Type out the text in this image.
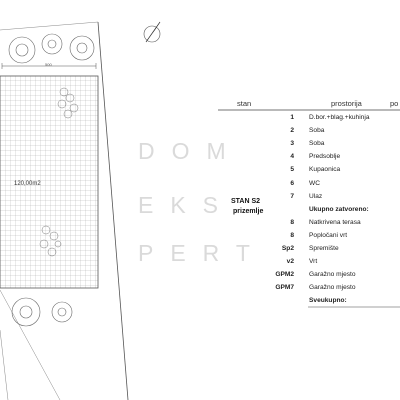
120,00m2
500
DOM
EKS
PERT
stan	prostorija	po
STAN S2
prizemlje
1 D.bor.+blag.+kuhinja
2 Soba
3 Soba
4 Predsoblje
5 Kupaonica
6 WC
7 Ulaz
Ukupno zatvoreno:
8 Natkrivena terasa
8 Popločani vrt
Sp2 Spremište
v2 Vrt
GPM2 Garažno mjesto
GPM7 Garažno mjesto
Sveukupno:
